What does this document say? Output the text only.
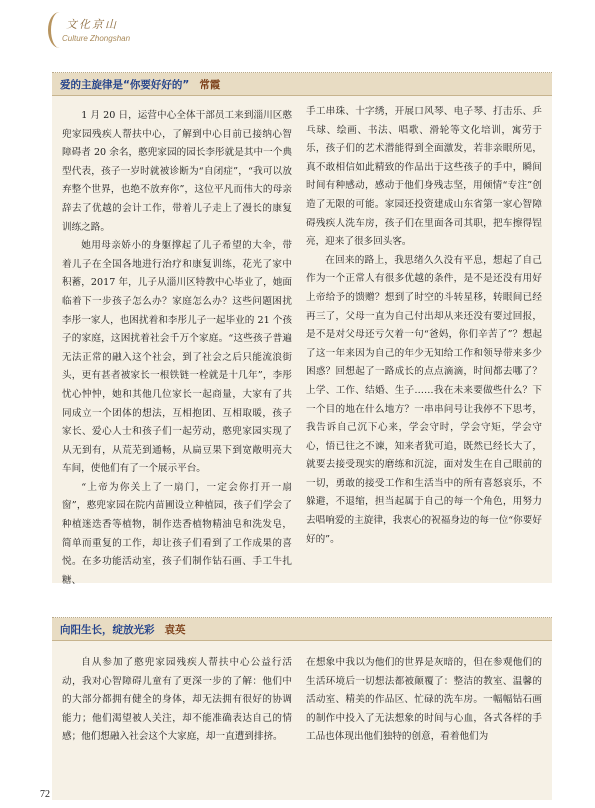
文化京山
Culture Zhongshan
爱的主旋律是“你要好好的” 常霞

1 月 20 日，运营中心全体干部员工来到淄川区憨兜家园残疾人帮扶中心，了解到中心目前已接纳心智障碍者 20 余名，憨兜家园的园长李彤就是其中一个典型代表，孩子一岁时就被诊断为“自闭症”，“我可以放弃整个世界，也绝不放弃你”，这位平凡而伟大的母亲辞去了优越的会计工作，带着儿子走上了漫长的康复训练之路。

她用母亲娇小的身躯撑起了儿子希望的大伞，带着儿子在全国各地进行治疗和康复训练，花光了家中积蓄，2017 年，儿子从淄川区特教中心毕业了，她面临着下一步孩子怎么办？家庭怎么办？这些问题困扰李彤一家人，也困扰着和李彤儿子一起毕业的 21 个孩子的家庭，这困扰着社会千万个家庭。“这些孩子普遍无法正常的融入这个社会，到了社会之后只能流浪街头，更有甚者被家长一根铁链一栓就是十几年”，李彤忧心忡忡，她和其他几位家长一起商量，大家有了共同成立一个团体的想法，互相抱团、互相取暖，孩子家长、爱心人士和孩子们一起劳动，憨兜家园实现了从无到有，从荒芜到通畅，从扁豆果下到宽敞明亮大车间，使他们有了一个展示平台。

“上帝为你关上了一扇门，一定会你打开一扇窗”，憨兜家园在院内苗圃设立种植园，孩子们学会了种植迷迭香等植物，制作迭香植物精油皂和洗发皂，简单而重复的工作，却让孩子们看到了工作成果的喜悦。在多功能活动室，孩子们制作钻石画、手工牛扎糖、

手工串珠、十字绣，开展口风琴、电子琴、打击乐、乒乓球、绘画、书法、唱歌、滑轮等文化培训，寓劳于乐，孩子们的艺术潜能得到全面激发，若非亲眼所见，真不敢相信如此精致的作品出于这些孩子的手中，瞬间时间有种感动，感动于他们身残志坚，用倾情“专注”创造了无限的可能。家园还投资建成山东省第一家心智障碍残疾人洗车房，孩子们在里面各司其职，把车擦得锃亮，迎来了很多回头客。

在回来的路上，我思绪久久没有平息，想起了自己作为一个正常人有很多优越的条件，是不是还没有用好上帝给予的馈赠？想到了时空的斗转星移，转眼间已经再三了，父母一直为自己付出却从来还没有要过回报，是不是对父母还亏欠着一句“爸妈，你们辛苦了”？想起了这一年来因为自己的年少无知给工作和领导带来多少困惑？回想起了一路成长的点点滴滴，时间都去哪了？上学、工作、结婚、生子……我在未来要做些什么？下一个目的地在什么地方？一串串问号让我停不下思考，我告诉自己沉下心来，学会守时，学会守矩，学会守心，悟已往之不谏，知来者犹可追，既然已经长大了，就要去接受现实的磨练和沉淀，面对发生在自己眼前的一切，勇敢的接受工作和生活当中的所有喜怒哀乐，不躲避，不退缩，担当起属于自己的每一个角色，用努力去唱响爱的主旋律，我衷心的祝福身边的每一位“你要好好的”。

向阳生长，绽放光彩 袁英

自从参加了憨兜家园残疾人帮扶中心公益行活动，我对心智障碍儿童有了更深一步的了解：他们中的大部分都拥有健全的身体，却无法拥有很好的协调能力；他们渴望被人关注，却不能准确表达自己的情感；他们想融入社会这个大家庭，却一直遭到排挤。

在想象中我以为他们的世界是灰暗的，但在参观他们的生活环境后一切想法都被颠覆了：整洁的教室、温馨的活动室、精美的作品区、忙碌的洗车房。一幅幅钻石画的制作中投入了无法想象的时间与心血，各式各样的手工品也体现出他们独特的创意，看着他们为

72
